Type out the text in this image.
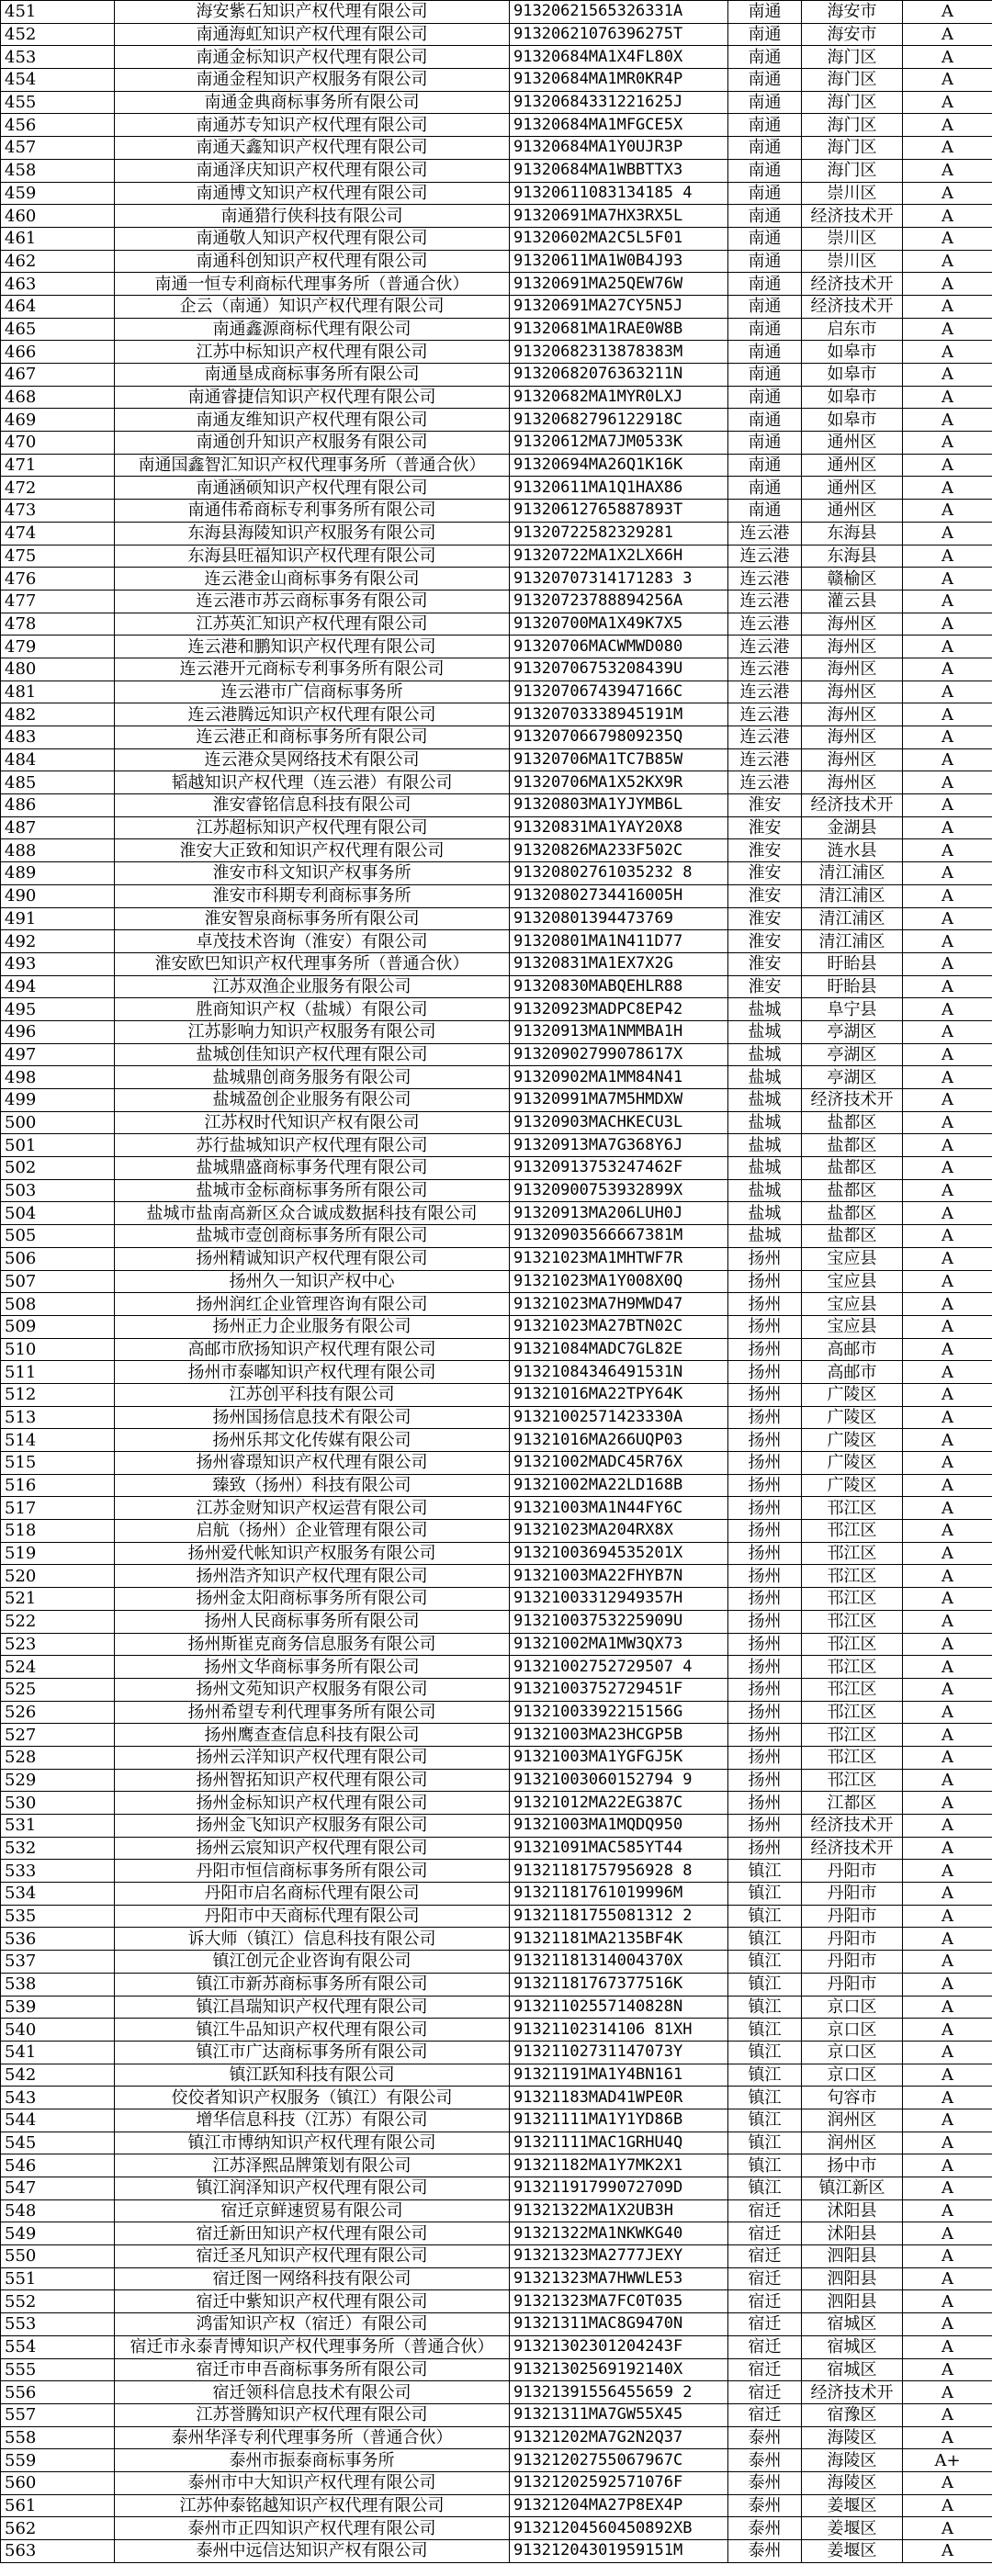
451	海安紫石知识产权代理有限公司	91320621565326331A	南通	海安市	A
452	南通海虹知识产权代理有限公司	91320621076396275T	南通	海安市	A
453	南通金标知识产权代理有限公司	91320684MA1X4FL80X	南通	海门区	A
454	南通金程知识产权服务有限公司	91320684MA1MR0KR4P	南通	海门区	A
455	南通金典商标事务所有限公司	91320684331221625J	南通	海门区	A
456	南通苏专知识产权代理有限公司	91320684MA1MFGCE5X	南通	海门区	A
457	南通天鑫知识产权代理有限公司	91320684MA1Y0UJR3P	南通	海门区	A
458	南通泽庆知识产权代理有限公司	91320684MA1WBBTTX3	南通	海门区	A
459	南通博文知识产权代理有限公司	91320611083134185 4	南通	崇川区	A
460	南通猎行侠科技有限公司	91320691MA7HX3RX5L	南通	经济技术开	A
461	南通敬人知识产权代理有限公司	91320602MA2C5L5F01	南通	崇川区	A
462	南通科创知识产权代理有限公司	91320611MA1W0B4J93	南通	崇川区	A
463	南通一恒专利商标代理事务所（普通合伙）	91320691MA25QEW76W	南通	经济技术开	A
464	企云（南通）知识产权代理有限公司	91320691MA27CY5N5J	南通	经济技术开	A
465	南通鑫源商标代理有限公司	91320681MA1RAE0W8B	南通	启东市	A
466	江苏中标知识产权代理有限公司	91320682313878383M	南通	如皋市	A
467	南通垦成商标事务所有限公司	91320682076363211N	南通	如皋市	A
468	南通睿捷信知识产权代理有限公司	91320682MA1MYR0LXJ	南通	如皋市	A
469	南通友维知识产权代理有限公司	91320682796122918C	南通	如皋市	A
470	南通创升知识产权服务有限公司	91320612MA7JM0533K	南通	通州区	A
471	南通国鑫智汇知识产权代理事务所（普通合伙）	91320694MA26Q1K16K	南通	通州区	A
472	南通涵硕知识产权代理有限公司	91320611MA1Q1HAX86	南通	通州区	A
473	南通伟希商标专利事务所有限公司	91320612765887893T	南通	通州区	A
474	东海县海陵知识产权服务有限公司	91320722582329281	连云港	东海县	A
475	东海县旺福知识产权代理有限公司	91320722MA1X2LX66H	连云港	东海县	A
476	连云港金山商标事务有限公司	91320707314171283 3	连云港	赣榆区	A
477	连云港市苏云商标事务有限公司	91320723788894256A	连云港	灌云县	A
478	江苏英汇知识产权代理有限公司	91320700MA1X49K7X5	连云港	海州区	A
479	连云港和鹏知识产权代理有限公司	91320706MACWMWD080	连云港	海州区	A
480	连云港开元商标专利事务所有限公司	91320706753208439U	连云港	海州区	A
481	连云港市广信商标事务所	91320706743947166C	连云港	海州区	A
482	连云港腾远知识产权代理有限公司	91320703338945191M	连云港	海州区	A
483	连云港正和商标事务所有限公司	91320706679809235Q	连云港	海州区	A
484	连云港众昊网络技术有限公司	91320706MA1TC7B85W	连云港	海州区	A
485	韬越知识产权代理（连云港）有限公司	91320706MA1X52KX9R	连云港	海州区	A
486	淮安睿铭信息科技有限公司	91320803MA1YJYMB6L	淮安	经济技术开	A
487	江苏超标知识产权代理有限公司	91320831MA1YAY20X8	淮安	金湖县	A
488	淮安大正致和知识产权代理有限公司	91320826MA233F502C	淮安	涟水县	A
489	淮安市科文知识产权事务所	91320802761035232 8	淮安	清江浦区	A
490	淮安市科期专利商标事务所	91320802734416005H	淮安	清江浦区	A
491	淮安智泉商标事务所有限公司	91320801394473769	淮安	清江浦区	A
492	卓茂技术咨询（淮安）有限公司	91320801MA1N411D77	淮安	清江浦区	A
493	淮安欧巴知识产权代理事务所（普通合伙）	91320831MA1EX7X2G	淮安	盱眙县	A
494	江苏双渔企业服务有限公司	91320830MABQEHLR88	淮安	盱眙县	A
495	胜商知识产权（盐城）有限公司	91320923MADPC8EP42	盐城	阜宁县	A
496	江苏影响力知识产权服务有限公司	91320913MA1NMMBA1H	盐城	亭湖区	A
497	盐城创佳知识产权代理有限公司	91320902799078617X	盐城	亭湖区	A
498	盐城鼎创商务服务有限公司	91320902MA1MM84N41	盐城	亭湖区	A
499	盐城盈创企业服务有限公司	91320991MA7M5HMDXW	盐城	经济技术开	A
500	江苏权时代知识产权有限公司	91320903MACHKECU3L	盐城	盐都区	A
501	苏行盐城知识产权代理有限公司	91320913MA7G368Y6J	盐城	盐都区	A
502	盐城鼎盛商标事务代理有限公司	91320913753247462F	盐城	盐都区	A
503	盐城市金标商标事务所有限公司	91320900753932899X	盐城	盐都区	A
504	盐城市盐南高新区众合诚成数据科技有限公司	91320913MA206LUH0J	盐城	盐都区	A
505	盐城市壹创商标事务所有限公司	91320903566667381M	盐城	盐都区	A
506	扬州精诚知识产权代理有限公司	91321023MA1MHTWF7R	扬州	宝应县	A
507	扬州久一知识产权中心	91321023MA1Y008X0Q	扬州	宝应县	A
508	扬州润红企业管理咨询有限公司	91321023MA7H9MWD47	扬州	宝应县	A
509	扬州正力企业服务有限公司	91321023MA27BTN02C	扬州	宝应县	A
510	高邮市欣扬知识产权代理有限公司	91321084MADC7GL82E	扬州	高邮市	A
511	扬州市泰嘟知识产权代理有限公司	91321084346491531N	扬州	高邮市	A
512	江苏创平科技有限公司	91321016MA22TPY64K	扬州	广陵区	A
513	扬州国扬信息技术有限公司	91321002571423330A	扬州	广陵区	A
514	扬州乐邦文化传媒有限公司	91321016MA266UQP03	扬州	广陵区	A
515	扬州睿璟知识产权代理有限公司	91321002MADC45R76X	扬州	广陵区	A
516	臻致（扬州）科技有限公司	91321002MA22LD168B	扬州	广陵区	A
517	江苏金财知识产权运营有限公司	91321003MA1N44FY6C	扬州	邗江区	A
518	启航（扬州）企业管理有限公司	91321023MA204RX8X	扬州	邗江区	A
519	扬州爱代帐知识产权服务有限公司	91321003694535201X	扬州	邗江区	A
520	扬州浩齐知识产权代理有限公司	91321003MA22FHYB7N	扬州	邗江区	A
521	扬州金太阳商标事务所有限公司	91321003312949357H	扬州	邗江区	A
522	扬州人民商标事务所有限公司	91321003753225909U	扬州	邗江区	A
523	扬州斯崔克商务信息服务有限公司	91321002MA1MW3QX73	扬州	邗江区	A
524	扬州文华商标事务所有限公司	91321002752729507 4	扬州	邗江区	A
525	扬州文苑知识产权服务有限公司	91321003752729451F	扬州	邗江区	A
526	扬州希望专利代理事务所有限公司	91321003392215156G	扬州	邗江区	A
527	扬州鹰查查信息科技有限公司	91321003MA23HCGP5B	扬州	邗江区	A
528	扬州云洋知识产权代理有限公司	91321003MA1YGFGJ5K	扬州	邗江区	A
529	扬州智拓知识产权代理有限公司	91321003060152794 9	扬州	邗江区	A
530	扬州金标知识产权代理有限公司	91321012MA22EG387C	扬州	江都区	A
531	扬州金飞知识产权服务有限公司	91321003MA1MQDQ950	扬州	经济技术开	A
532	扬州云宸知识产权代理有限公司	91321091MAC585YT44	扬州	经济技术开	A
533	丹阳市恒信商标事务所有限公司	91321181757956928 8	镇江	丹阳市	A
534	丹阳市启名商标代理有限公司	91321181761019996M	镇江	丹阳市	A
535	丹阳市中天商标代理有限公司	91321181755081312 2	镇江	丹阳市	A
536	诉大师（镇江）信息科技有限公司	91321181MA2135BF4K	镇江	丹阳市	A
537	镇江创元企业咨询有限公司	91321181314004370X	镇江	丹阳市	A
538	镇江市新苏商标事务所有限公司	91321181767377516K	镇江	丹阳市	A
539	镇江昌瑞知识产权代理有限公司	91321102557140828N	镇江	京口区	A
540	镇江牛品知识产权代理有限公司	91321102314106 81XH	镇江	京口区	A
541	镇江市广达商标事务所有限公司	91321102731147073Y	镇江	京口区	A
542	镇江跃知科技有限公司	91321191MA1Y4BN161	镇江	京口区	A
543	佼佼者知识产权服务（镇江）有限公司	91321183MAD41WPE0R	镇江	句容市	A
544	增华信息科技（江苏）有限公司	91321111MA1Y1YD86B	镇江	润州区	A
545	镇江市博纳知识产权代理有限公司	91321111MAC1GRHU4Q	镇江	润州区	A
546	江苏泽熙品牌策划有限公司	91321182MA1Y7MK2X1	镇江	扬中市	A
547	镇江润泽知识产权代理有限公司	91321191799072709D	镇江	镇江新区	A
548	宿迁京鲜速贸易有限公司	91321322MA1X2UB3H	宿迁	沭阳县	A
549	宿迁新田知识产权代理有限公司	91321322MA1NKWKG40	宿迁	沭阳县	A
550	宿迁圣凡知识产权代理有限公司	91321323MA2777JEXY	宿迁	泗阳县	A
551	宿迁图一网络科技有限公司	91321323MA7HWWLE53	宿迁	泗阳县	A
552	宿迁中紫知识产权代理有限公司	91321323MA7FC0T035	宿迁	泗阳县	A
553	鸿雷知识产权（宿迁）有限公司	91321311MAC8G9470N	宿迁	宿城区	A
554	宿迁市永泰青博知识产权代理事务所（普通合伙）	91321302301204243F	宿迁	宿城区	A
555	宿迁市申吾商标事务所有限公司	91321302569192140X	宿迁	宿城区	A
556	宿迁领科信息技术有限公司	91321391556455659 2	宿迁	经济技术开	A
557	江苏誉腾知识产权代理有限公司	91321311MA7GW55X45	宿迁	宿豫区	A
558	泰州华泽专利代理事务所（普通合伙）	91321202MA7G2N2Q37	泰州	海陵区	A
559	泰州市振泰商标事务所	91321202755067967C	泰州	海陵区	A+
560	泰州市中大知识产权代理有限公司	91321202592571076F	泰州	海陵区	A
561	江苏仲泰铭越知识产权代理有限公司	91321204MA27P8EX4P	泰州	姜堰区	A
562	泰州市正四知识产权代理有限公司	91321204560450892XB	泰州	姜堰区	A
563	泰州中远信达知识产权有限公司	91321204301959151M	泰州	姜堰区	A
